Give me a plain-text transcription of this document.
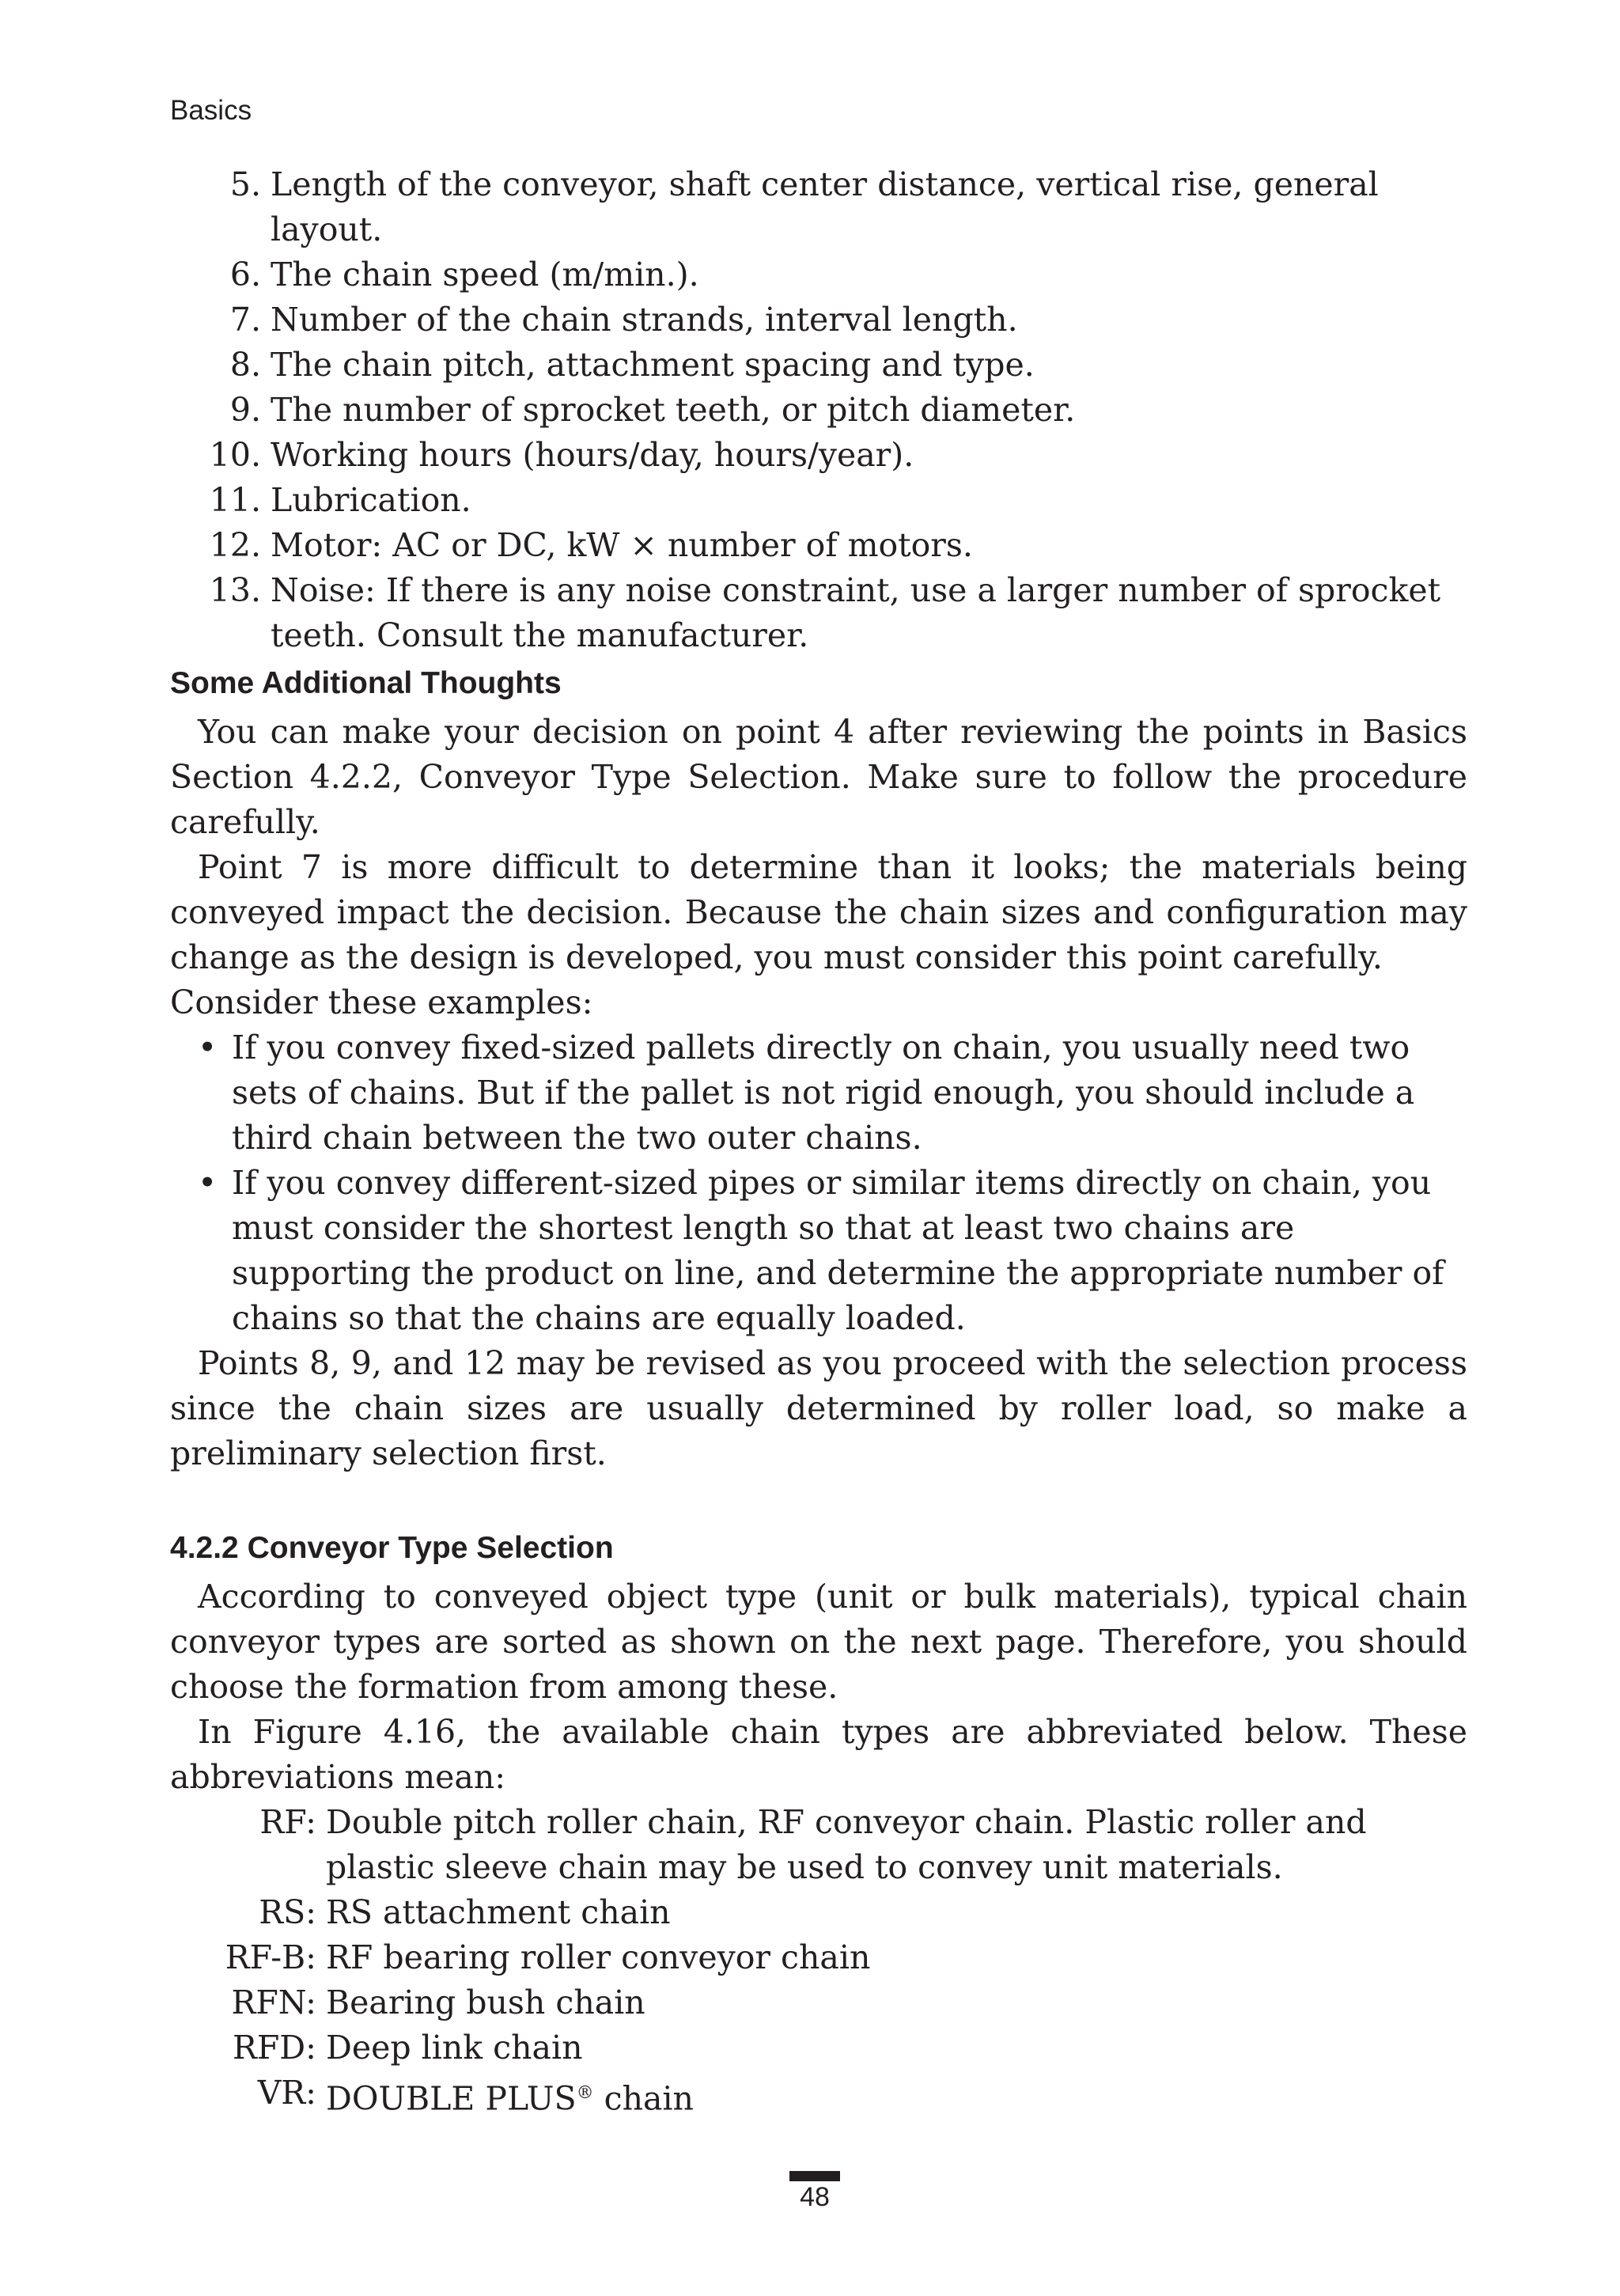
Basics
5. Length of the conveyor, shaft center distance, vertical rise, general layout.
6. The chain speed (m/min.).
7. Number of the chain strands, interval length.
8. The chain pitch, attachment spacing and type.
9. The number of sprocket teeth, or pitch diameter.
10. Working hours (hours/day, hours/year).
11. Lubrication.
12. Motor: AC or DC, kW × number of motors.
13. Noise: If there is any noise constraint, use a larger number of sprocket teeth. Consult the manufacturer.
Some Additional Thoughts

You can make your decision on point 4 after reviewing the points in Basics Section 4.2.2, Conveyor Type Selection. Make sure to follow the procedure carefully.

Point 7 is more difficult to determine than it looks; the materials being conveyed impact the decision. Because the chain sizes and configuration may change as the design is developed, you must consider this point carefully.

Consider these examples:

• If you convey fixed-sized pallets directly on chain, you usually need two sets of chains. But if the pallet is not rigid enough, you should include a third chain between the two outer chains.
• If you convey different-sized pipes or similar items directly on chain, you must consider the shortest length so that at least two chains are supporting the product on line, and determine the appropriate number of chains so that the chains are equally loaded.

Points 8, 9, and 12 may be revised as you proceed with the selection process since the chain sizes are usually determined by roller load, so make a preliminary selection first.

4.2.2 Conveyor Type Selection

According to conveyed object type (unit or bulk materials), typical chain conveyor types are sorted as shown on the next page. Therefore, you should choose the formation from among these.

In Figure 4.16, the available chain types are abbreviated below. These abbreviations mean:

RF: Double pitch roller chain, RF conveyor chain. Plastic roller and plastic sleeve chain may be used to convey unit materials.
RS: RS attachment chain
RF-B: RF bearing roller conveyor chain
RFN: Bearing bush chain
RFD: Deep link chain
VR: DOUBLE PLUS® chain
48
